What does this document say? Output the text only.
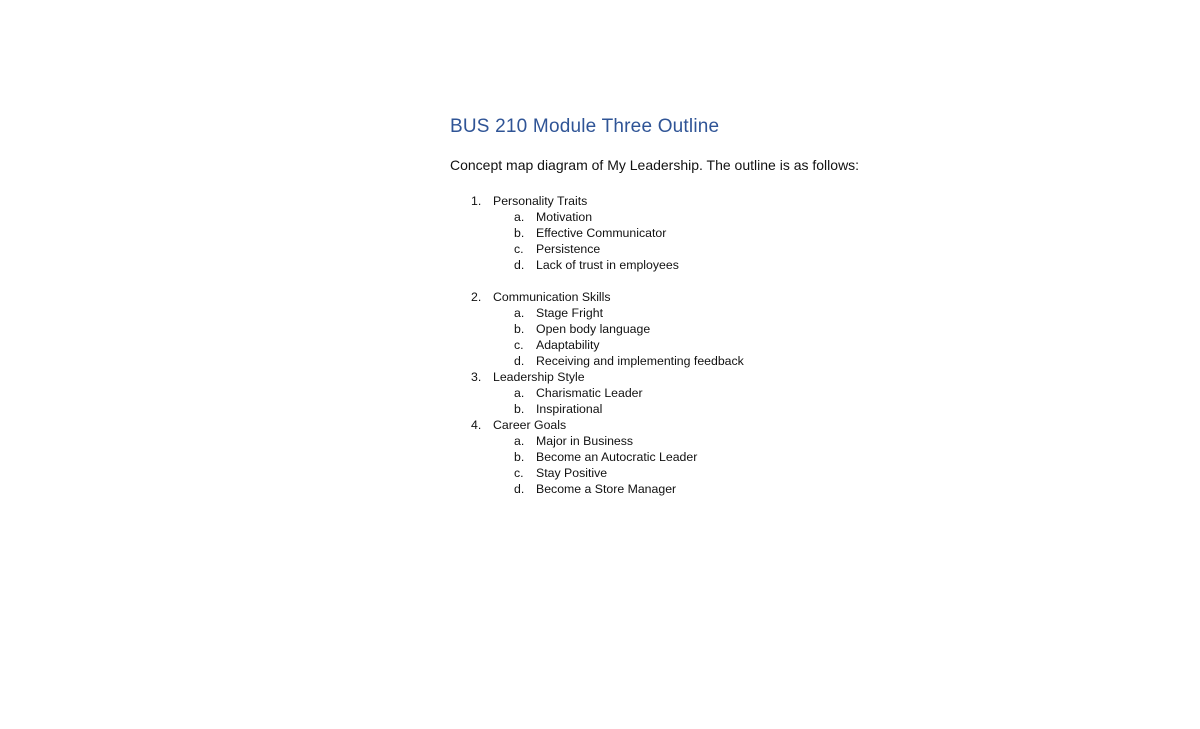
BUS 210 Module Three Outline
Concept map diagram of My Leadership. The outline is as follows:
1. Personality Traits
a. Motivation
b. Effective Communicator
c. Persistence
d. Lack of trust in employees
2. Communication Skills
a. Stage Fright
b. Open body language
c. Adaptability
d. Receiving and implementing feedback
3. Leadership Style
a. Charismatic Leader
b. Inspirational
4. Career Goals
a. Major in Business
b. Become an Autocratic Leader
c. Stay Positive
d. Become a Store Manager
